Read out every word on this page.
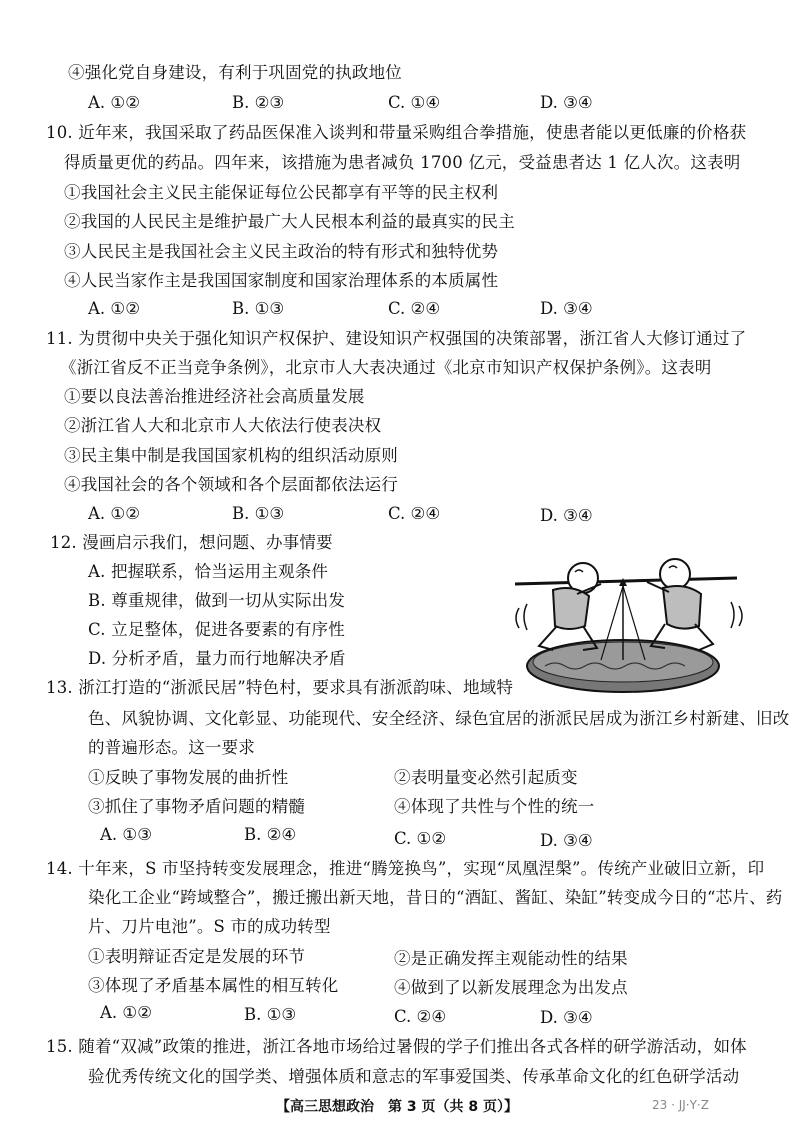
④强化党自身建设，有利于巩固党的执政地位
A. ①②	B. ②③	C. ①④	D. ③④
10. 近年来，我国采取了药品医保准入谈判和带量采购组合拳措施，使患者能以更低廉的价格获
得质量更优的药品。四年来，该措施为患者减负 1700 亿元，受益患者达 1 亿人次。这表明
①我国社会主义民主能保证每位公民都享有平等的民主权利
②我国的人民民主是维护最广大人民根本利益的最真实的民主
③人民民主是我国社会主义民主政治的特有形式和独特优势
④人民当家作主是我国国家制度和国家治理体系的本质属性
A. ①②	B. ①③	C. ②④	D. ③④
11. 为贯彻中央关于强化知识产权保护、建设知识产权强国的决策部署，浙江省人大修订通过了
《浙江省反不正当竞争条例》，北京市人大表决通过《北京市知识产权保护条例》。这表明
①要以良法善治推进经济社会高质量发展
②浙江省人大和北京市人大依法行使表决权
③民主集中制是我国国家机构的组织活动原则
④我国社会的各个领域和各个层面都依法运行
A. ①②	B. ①③	C. ②④	D. ③④
12. 漫画启示我们，想问题、办事情要
A. 把握联系，恰当运用主观条件
B. 尊重规律，做到一切从实际出发
C. 立足整体，促进各要素的有序性
D. 分析矛盾，量力而行地解决矛盾
13. 浙江打造的“浙派民居”特色村，要求具有浙派韵味、地域特
色、风貌协调、文化彰显、功能现代、安全经济、绿色宜居的浙派民居成为浙江乡村新建、旧改
的普遍形态。这一要求
①反映了事物发展的曲折性	②表明量变必然引起质变
③抓住了事物矛盾问题的精髓	④体现了共性与个性的统一
A. ①③	B. ②④	C. ①②	D. ③④
14. 十年来，S 市坚持转变发展理念，推进“腾笼换鸟”，实现“凤凰涅槃”。传统产业破旧立新，印
染化工企业“跨域整合”，搬迁搬出新天地，昔日的“酒缸、酱缸、染缸”转变成今日的“芯片、药
片、刀片电池”。S 市的成功转型
①表明辩证否定是发展的环节	②是正确发挥主观能动性的结果
③体现了矛盾基本属性的相互转化	④做到了以新发展理念为出发点
A. ①②	B. ①③	C. ②④	D. ③④
15. 随着“双减”政策的推进，浙江各地市场给过暑假的学子们推出各式各样的研学游活动，如体
验优秀传统文化的国学类、增强体质和意志的军事爱国类、传承革命文化的红色研学活动
【高三思想政治　第 3 页（共 8 页）】	23 · JJ·Y·Z
